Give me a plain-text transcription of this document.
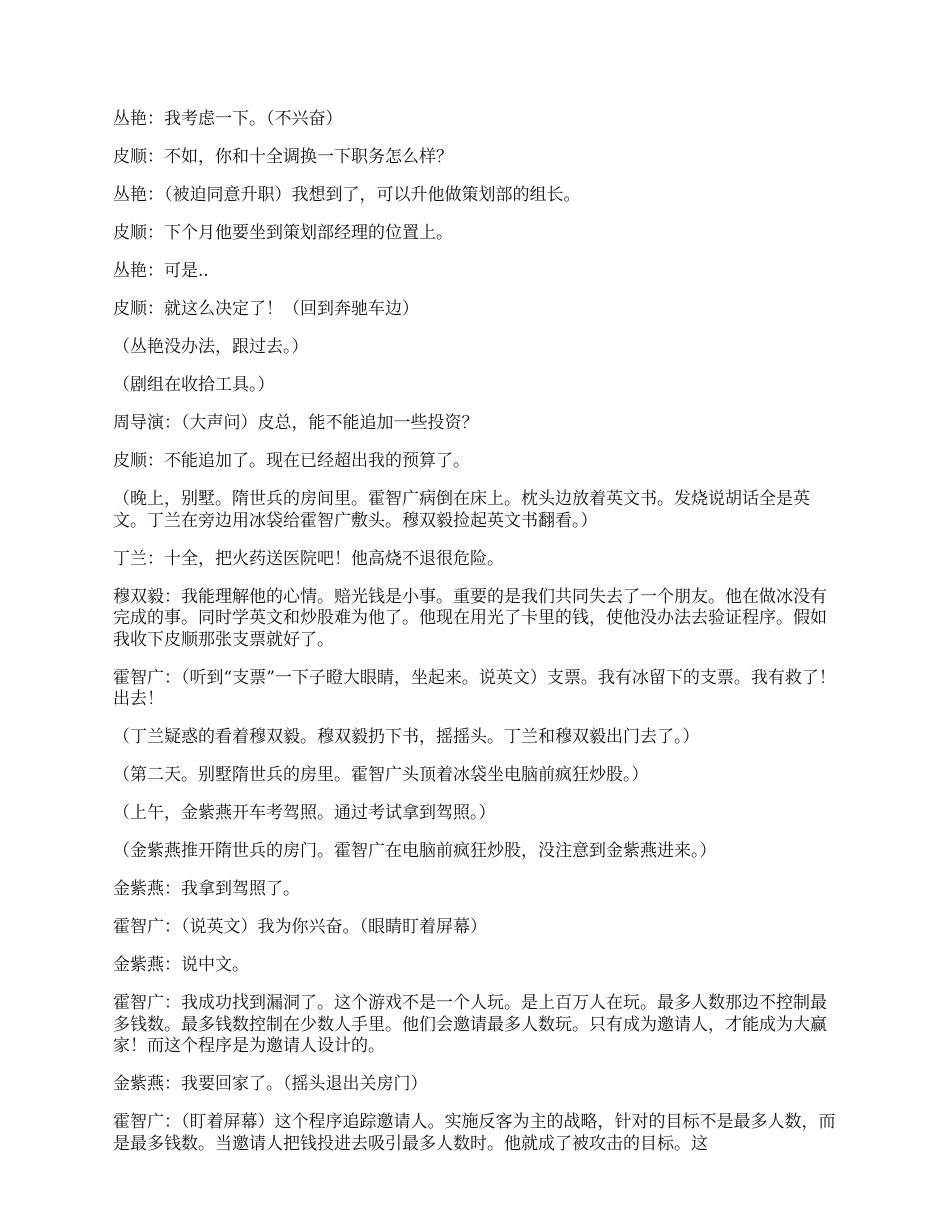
丛艳：我考虑一下。（不兴奋）

皮顺：不如，你和十全调换一下职务怎么样？

丛艳：（被迫同意升职）我想到了，可以升他做策划部的组长。

皮顺：下个月他要坐到策划部经理的位置上。

丛艳：可是..

皮顺：就这么决定了！（回到奔驰车边）

（丛艳没办法，跟过去。）

（剧组在收拾工具。）

周导演：（大声问）皮总，能不能追加一些投资？

皮顺：不能追加了。现在已经超出我的预算了。

（晚上，别墅。隋世兵的房间里。霍智广病倒在床上。枕头边放着英文书。发烧说胡话全是英文。丁兰在旁边用冰袋给霍智广敷头。穆双毅捡起英文书翻看。）

丁兰：十全，把火药送医院吧！他高烧不退很危险。

穆双毅：我能理解他的心情。赔光钱是小事。重要的是我们共同失去了一个朋友。他在做冰没有完成的事。同时学英文和炒股难为他了。他现在用光了卡里的钱，使他没办法去验证程序。假如我收下皮顺那张支票就好了。

霍智广：（听到“支票”一下子瞪大眼睛，坐起来。说英文）支票。我有冰留下的支票。我有救了！出去！

（丁兰疑惑的看着穆双毅。穆双毅扔下书，摇摇头。丁兰和穆双毅出门去了。）

（第二天。别墅隋世兵的房里。霍智广头顶着冰袋坐电脑前疯狂炒股。）

（上午，金紫燕开车考驾照。通过考试拿到驾照。）

（金紫燕推开隋世兵的房门。霍智广在电脑前疯狂炒股，没注意到金紫燕进来。）

金紫燕：我拿到驾照了。

霍智广：（说英文）我为你兴奋。（眼睛盯着屏幕）

金紫燕：说中文。

霍智广：我成功找到漏洞了。这个游戏不是一个人玩。是上百万人在玩。最多人数那边不控制最多钱数。最多钱数控制在少数人手里。他们会邀请最多人数玩。只有成为邀请人，才能成为大赢家！而这个程序是为邀请人设计的。

金紫燕：我要回家了。（摇头退出关房门）

霍智广：（盯着屏幕）这个程序追踪邀请人。实施反客为主的战略，针对的目标不是最多人数，而是最多钱数。当邀请人把钱投进去吸引最多人数时。他就成了被攻击的目标。这
